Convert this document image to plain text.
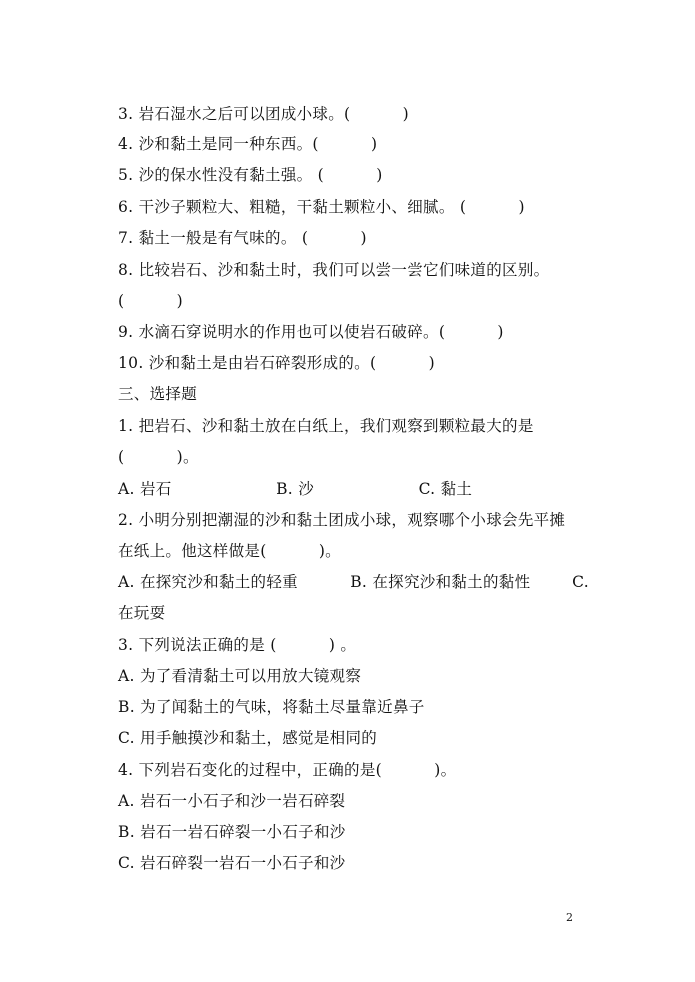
3. 岩石湿水之后可以团成小球。(          )
4. 沙和黏土是同一种东西。(          )
5. 沙的保水性没有黏土强。 (          )
6. 干沙子颗粒大、粗糙，干黏土颗粒小、细腻。 (          )
7. 黏土一般是有气味的。 (          )
8. 比较岩石、沙和黏土时，我们可以尝一尝它们味道的区别。
(          )
9. 水滴石穿说明水的作用也可以使岩石破碎。(          )
10. 沙和黏土是由岩石碎裂形成的。(          )
三、选择题
1. 把岩石、沙和黏土放在白纸上，我们观察到颗粒最大的是
(          )。
A. 岩石                    B. 沙                    C. 黏土
2. 小明分别把潮湿的沙和黏土团成小球，观察哪个小球会先平摊
在纸上。他这样做是(          )。
A. 在探究沙和黏土的轻重          B. 在探究沙和黏土的黏性        C.
在玩耍
3. 下列说法正确的是 (          ) 。
A. 为了看清黏土可以用放大镜观察
B. 为了闻黏土的气味，将黏土尽量靠近鼻子
C. 用手触摸沙和黏土，感觉是相同的
4. 下列岩石变化的过程中，正确的是(          )。
A. 岩石一小石子和沙一岩石碎裂
B. 岩石一岩石碎裂一小石子和沙
C. 岩石碎裂一岩石一小石子和沙
2
